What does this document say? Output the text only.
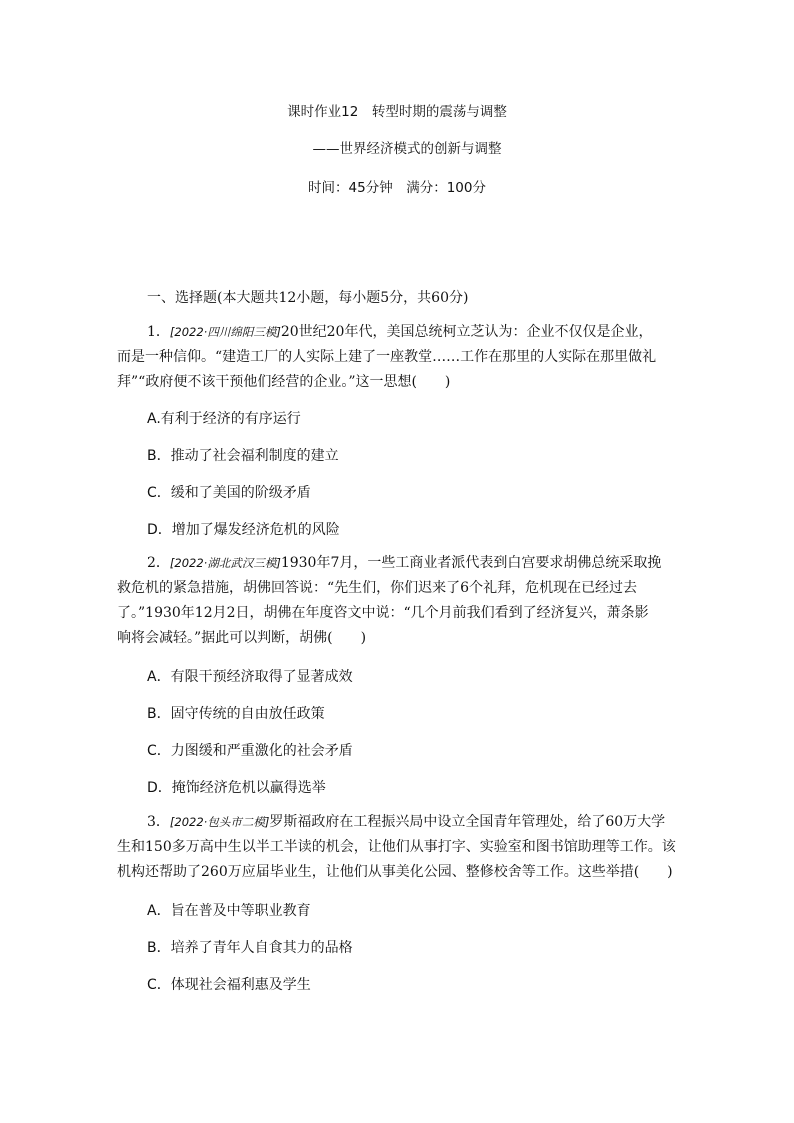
课时作业12　转型时期的震荡与调整
——世界经济模式的创新与调整
时间：45分钟　满分：100分
一、选择题(本大题共12小题，每小题5分，共60分)
1．[2022·四川绵阳三模]20世纪20年代，美国总统柯立芝认为：企业不仅仅是企业，
而是一种信仰。“建造工厂的人实际上建了一座教堂……工作在那里的人实际在那里做礼
拜”“政府便不该干预他们经营的企业。”这一思想(　　)
A.有利于经济的有序运行
B．推动了社会福利制度的建立
C．缓和了美国的阶级矛盾
D．增加了爆发经济危机的风险
2．[2022·湖北武汉三模]1930年7月，一些工商业者派代表到白宫要求胡佛总统采取挽
救危机的紧急措施，胡佛回答说：“先生们，你们迟来了6个礼拜，危机现在已经过去
了。”1930年12月2日，胡佛在年度咨文中说：“几个月前我们看到了经济复兴，萧条影
响将会减轻。”据此可以判断，胡佛(　　)
A．有限干预经济取得了显著成效
B．固守传统的自由放任政策
C．力图缓和严重激化的社会矛盾
D．掩饰经济危机以赢得选举
3．[2022·包头市二模]罗斯福政府在工程振兴局中设立全国青年管理处，给了60万大学
生和150多万高中生以半工半读的机会，让他们从事打字、实验室和图书馆助理等工作。该
机构还帮助了260万应届毕业生，让他们从事美化公园、整修校舍等工作。这些举措(　　)
A．旨在普及中等职业教育
B．培养了青年人自食其力的品格
C．体现社会福利惠及学生
